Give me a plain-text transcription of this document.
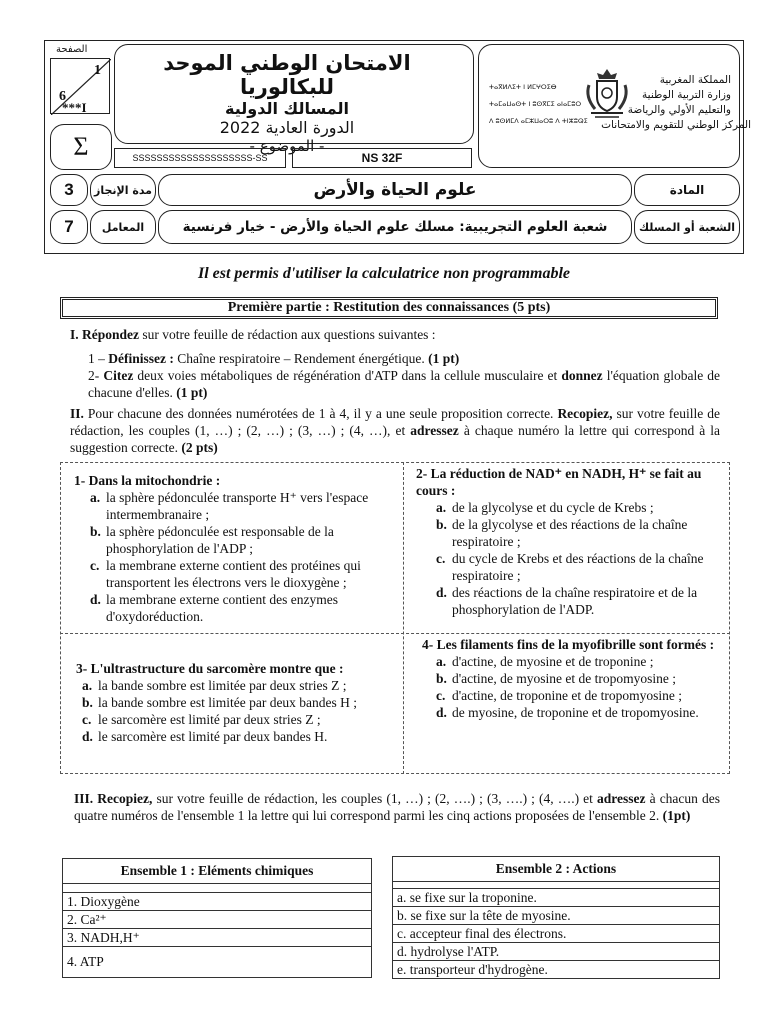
1
6
الصفحة
***I
Σ
الامتحان الوطني الموحد للبكالوريا
المسالك الدولية
الدورة العادية 2022
- الموضوع -
SSSSSSSSSSSSSSSSSSSS-SS	NS 32F
المملكة المغربية
وزارة التربية الوطنية
والتعليم الأولي والرياضة
المركز الوطني للتقويم والامتحانات
ⵜⴰⴳⵍⴷⵉⵜ ⵏ ⵍⵎⵖⵔⵉⴱ
ⵜⴰⵎⴰⵡⴰⵙⵜ ⵏ ⵓⵙⴳⵎⵉ ⴰⵏⴰⵎⵓⵔ
ⴷ ⵓⵙⵍⵎⴷ ⴰⵎⵣⵡⴰⵔⵓ ⴷ ⵜⵏⵣⵓⵕⵉ
3 مدة الإنجاز	علوم الحياة والأرض	المادة
7	المعامل	شعبة العلوم التجريبية: مسلك علوم الحياة والأرض - خيار فرنسية	الشعبة أو المسلك
Il est permis d'utiliser la calculatrice non programmable
Première partie : Restitution des connaissances (5 pts)
I. Répondez sur votre feuille de rédaction aux questions suivantes :
1 – Définissez : Chaîne respiratoire – Rendement énergétique. (1 pt)
2- Citez deux voies métaboliques de régénération d'ATP dans la cellule musculaire et donnez l'équation globale de chacune d'elles. (1 pt)
II. Pour chacune des données numérotées de 1 à 4, il y a une seule proposition correcte. Recopiez, sur votre feuille de rédaction, les couples (1, …) ; (2, …) ; (3, …) ; (4, …), et adressez à chaque numéro la lettre qui correspond à la suggestion correcte. (2 pts)
1- Dans la mitochondrie :
a. la sphère pédonculée transporte H⁺ vers l'espace intermembranaire ;
b. la sphère pédonculée est responsable de la phosphorylation de l'ADP ;
c. la membrane externe contient des protéines qui transportent les électrons vers le dioxygène ;
d. la membrane externe contient des enzymes d'oxydoréduction.
2- La réduction de NAD⁺ en NADH, H⁺ se fait au cours :
a. de la glycolyse et du cycle de Krebs ;
b. de la glycolyse et des réactions de la chaîne respiratoire ;
c. du cycle de Krebs et des réactions de la chaîne respiratoire ;
d. des réactions de la chaîne respiratoire et de la phosphorylation de l'ADP.
3- L'ultrastructure du sarcomère montre que :
a. la bande sombre est limitée par deux stries Z ;
b. la bande sombre est limitée par deux bandes H ;
c. le sarcomère est limité par deux stries Z ;
d. le sarcomère est limité par deux bandes H.
4- Les filaments fins de la myofibrille sont formés :
a. d'actine, de myosine et de troponine ;
b. d'actine, de myosine et de tropomyosine ;
c. d'actine, de troponine et de tropomyosine ;
d. de myosine, de troponine et de tropomyosine.
III. Recopiez, sur votre feuille de rédaction, les couples (1, …) ; (2, ….) ; (3, ….) ; (4, ….) et adressez à chacun des quatre numéros de l'ensemble 1 la lettre qui lui correspond parmi les cinq actions proposées de l'ensemble 2. (1pt)
Ensemble 1 : Eléments chimiques

1. Dioxygène
2. Ca²⁺
3. NADH,H⁺
4. ATP
Ensemble 2 : Actions

a. se fixe sur la troponine.
b. se fixe sur la tête de myosine.
c. accepteur final des électrons.
d. hydrolyse l'ATP.
e. transporteur d'hydrogène.
